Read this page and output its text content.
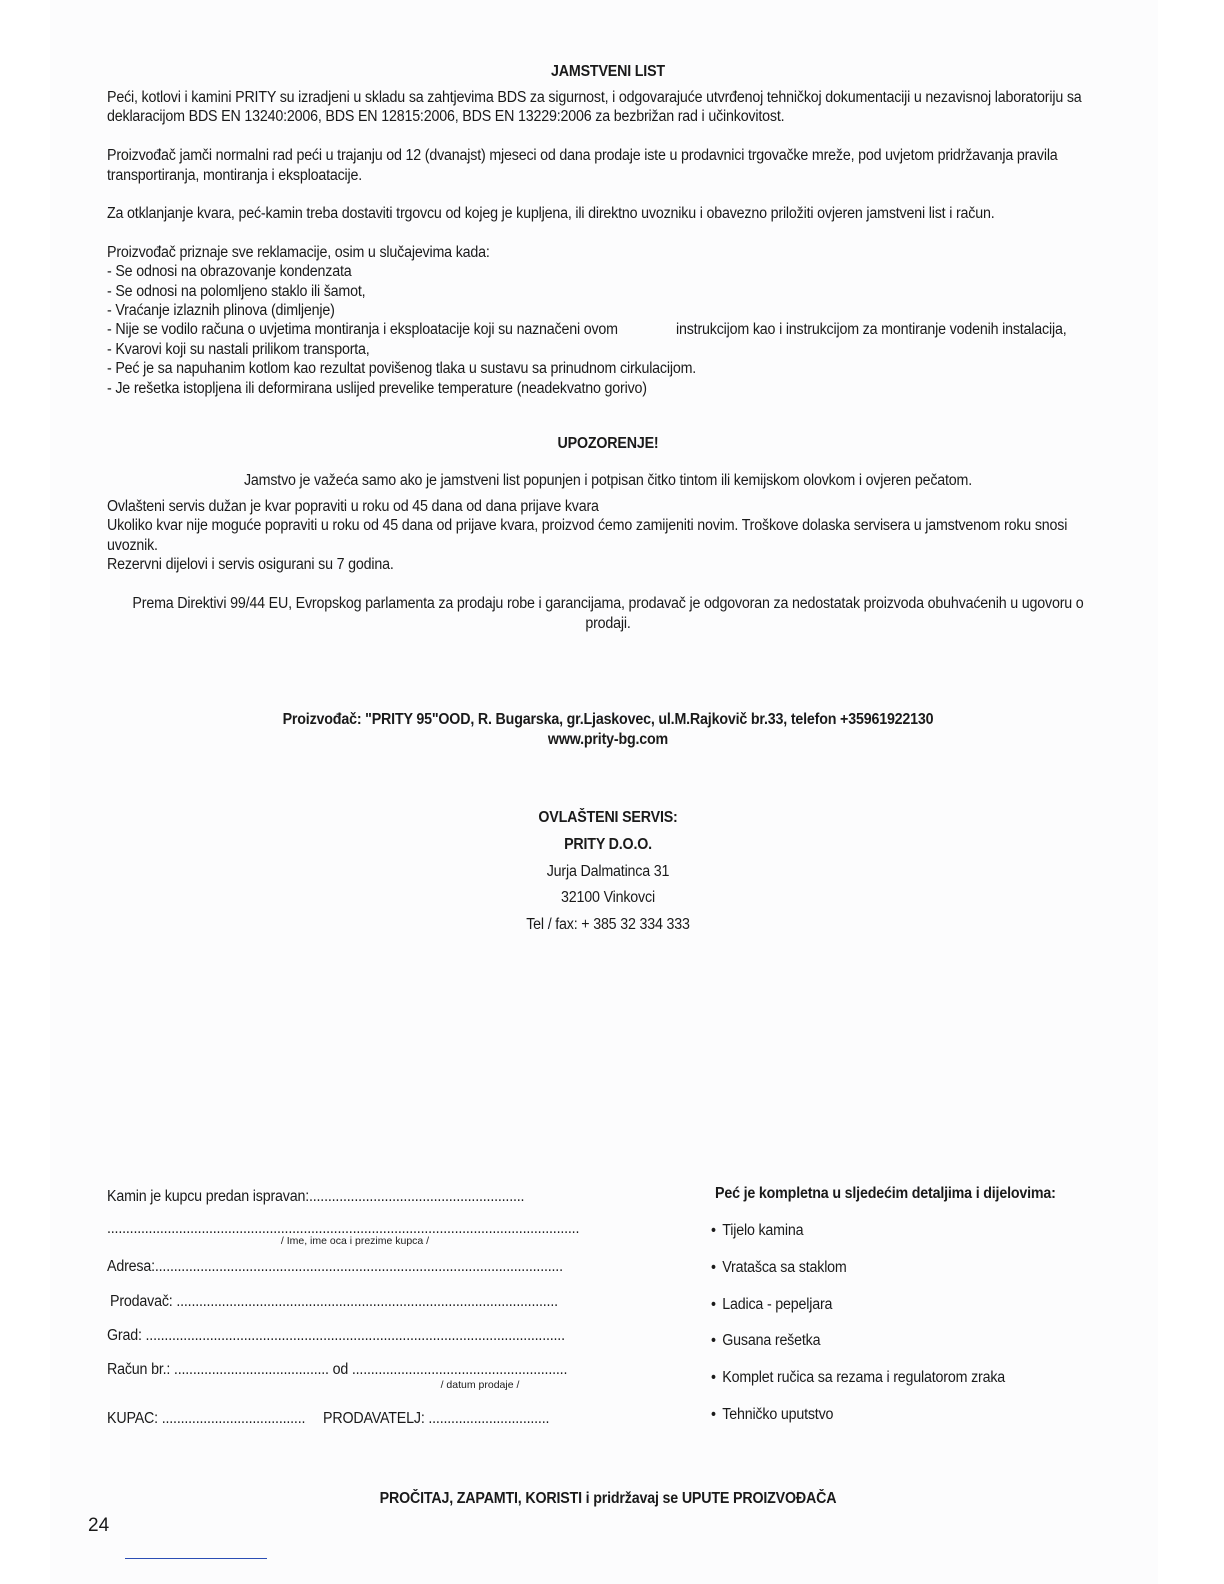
JAMSTVENI LIST
Peći, kotlovi i kamini PRITY su izradjeni u skladu sa zahtjevima BDS za sigurnost, i odgovarajuće utvrđenoj tehničkoj dokumentaciji u nezavisnoj laboratoriju sa
deklaracijom BDS EN 13240:2006, BDS EN 12815:2006, BDS EN 13229:2006 za bezbrižan rad i učinkovitost.
Proizvođač jamči normalni rad peći u trajanju od 12 (dvanajst) mjeseci od dana prodaje iste u prodavnici trgovačke mreže, pod uvjetom pridržavanja pravila
transportiranja, montiranja i eksploatacije.
Za otklanjanje kvara, peć-kamin treba dostaviti trgovcu od kojeg je kupljena, ili direktno uvozniku i obavezno priložiti ovjeren jamstveni list i račun.
Proizvođač priznaje sve reklamacije, osim u slučajevima kada:
- Se odnosi na obrazovanje kondenzata
- Se odnosi na polomljeno staklo ili šamot,
- Vraćanje izlaznih plinova (dimljenje)
- Nije se vodilo računa o uvjetima montiranja i eksploatacije koji su naznačeni ovom	instrukcijom kao i instrukcijom za montiranje vodenih instalacija,
- Kvarovi koji su nastali prilikom transporta,
- Peć je sa napuhanim kotlom kao rezultat povišenog tlaka u sustavu sa prinudnom cirkulacijom.
- Je rešetka istopljena ili deformirana uslijed prevelike temperature (neadekvatno gorivo)
UPOZORENJE!
Jamstvo je važeća samo ako je jamstveni list popunjen i potpisan čitko tintom ili kemijskom olovkom i ovjeren pečatom.
Ovlašteni servis dužan je kvar popraviti u roku od 45 dana od dana prijave kvara
Ukoliko kvar nije moguće popraviti u roku od 45 dana od prijave kvara, proizvod ćemo zamijeniti novim. Troškove dolaska servisera u jamstvenom roku snosi
uvoznik.
Rezervni dijelovi i servis osigurani su 7 godina.
Prema Direktivi 99/44 EU, Evropskog parlamenta za prodaju robe i garancijama, prodavač je odgovoran za nedostatak proizvoda obuhvaćenih u ugovoru o
prodaji.
Proizvođač: "PRITY 95"OOD, R. Bugarska, gr.Ljaskovec, ul.M.Rajkovič br.33, telefon +35961922130
www.prity-bg.com
OVLAŠTENI SERVIS:
PRITY D.O.O.
Jurja Dalmatinca 31
32100 Vinkovci
Tel / fax: + 385 32 334 333
Kamin je kupcu predan ispravan:.........................................................
.............................................................................................................................
/ Ime, ime oca i prezime kupca /
Adresa:............................................................................................................
Prodavač: .....................................................................................................
Grad: ...............................................................................................................
Račun br.: ......................................... od .........................................................
/ datum prodaje /
KUPAC: ...................................... PRODAVATELJ: ................................
Peć je kompletna u sljedećim detaljima i dijelovima:
• Tijelo kamina
• Vratašca sa staklom
• Ladica - pepeljara
• Gusana rešetka
• Komplet ručica sa rezama i regulatorom zraka
• Tehničko uputstvo
PROČITAJ, ZAPAMTI, KORISTI i pridržavaj se UPUTE PROIZVOĐAČA
24
